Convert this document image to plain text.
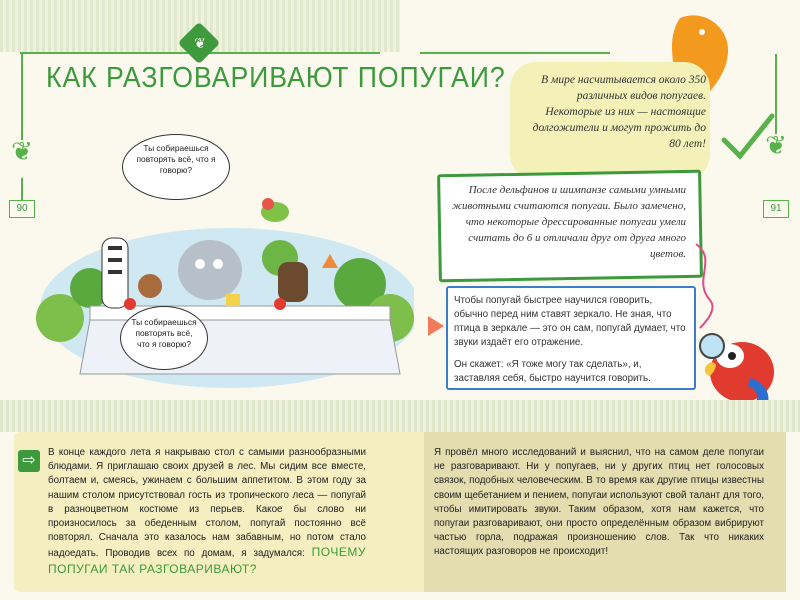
❦
КАК РАЗГОВАРИВАЮТ ПОПУГАИ?
❦
90
❦
91
В мире насчитывается около 350 различных видов попугаев. Некоторые из них — настоящие долгожители и могут прожить до 80 лет!
После дельфинов и шимпанзе самыми умными животными считаются попугаи. Было замечено, что некоторые дрессированные попугаи умели считать до 6 и отличали друг от друга много цветов.
Чтобы попугай быстрее научился говорить, обычно перед ним ставят зеркало. Не зная, что птица в зеркале — это он сам, попугай думает, что звуки издаёт его отражение.
Он скажет: «Я тоже могу так сделать», и, заставляя себя, быстро научится говорить.
Ты собираешься повторять всё, что я говорю?
Ты собираешься повторять всё, что я говорю?
⇨	В конце каждого лета я накрываю стол с самыми разнообразными блюдами. Я приглашаю своих друзей в лес. Мы сидим все вместе, болтаем и, смеясь, ужинаем с большим аппетитом. В этом году за нашим столом присутствовал гость из тропического леса — попугай в разноцветном костюме из перьев. Какое бы слово ни произносилось за обеденным столом, попугай постоянно всё повторял. Сначала это казалось нам забавным, но потом стало надоедать. Проводив всех по домам, я задумался: ПОЧЕМУ ПОПУГАИ ТАК РАЗГОВАРИВАЮТ?
Я провёл много исследований и выяснил, что на самом деле попугаи не разговаривают. Ни у попугаев, ни у других птиц нет голосовых связок, подобных человеческим. В то время как другие птицы известны своим щебетанием и пением, попугаи используют свой талант для того, чтобы имитировать звуки. Таким образом, хотя нам кажется, что попугаи разговаривают, они просто определённым образом вибрируют частью горла, подражая произношению слов. Так что никаких настоящих разговоров не происходит!
